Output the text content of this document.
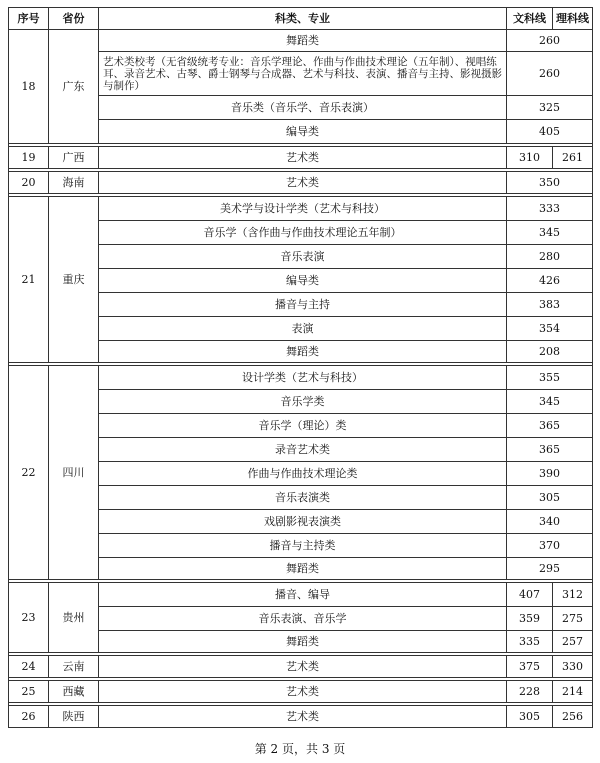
序号	省份	科类、专业	文科线	理科线
18	广东	舞蹈类	260	
		艺术类校考（无省级统考专业：音乐学理论、作曲与作曲技术理论（五年制）、视唱练耳、录音艺术、古琴、爵士钢琴与合成器、艺术与科技、表演、播音与主持、影视摄影与制作）	260	
		音乐类（音乐学、音乐表演）	325	
		编导类	405	

19	广西	艺术类	310	261

20	海南	艺术类	350	

21	重庆	美术学与设计学类（艺术与科技）	333	
		音乐学（含作曲与作曲技术理论五年制）	345	
		音乐表演	280	
		编导类	426	
		播音与主持	383	
		表演	354	
		舞蹈类	208	

22	四川	设计学类（艺术与科技）	355	
		音乐学类	345	
		音乐学（理论）类	365	
		录音艺术类	365	
		作曲与作曲技术理论类	390	
		音乐表演类	305	
		戏剧影视表演类	340	
		播音与主持类	370	
		舞蹈类	295	

23	贵州	播音、编导	407	312
		音乐表演、音乐学	359	275
		舞蹈类	335	257

24	云南	艺术类	375	330

25	西藏	艺术类	228	214

26	陕西	艺术类	305	256
第 2 页，共 3 页
